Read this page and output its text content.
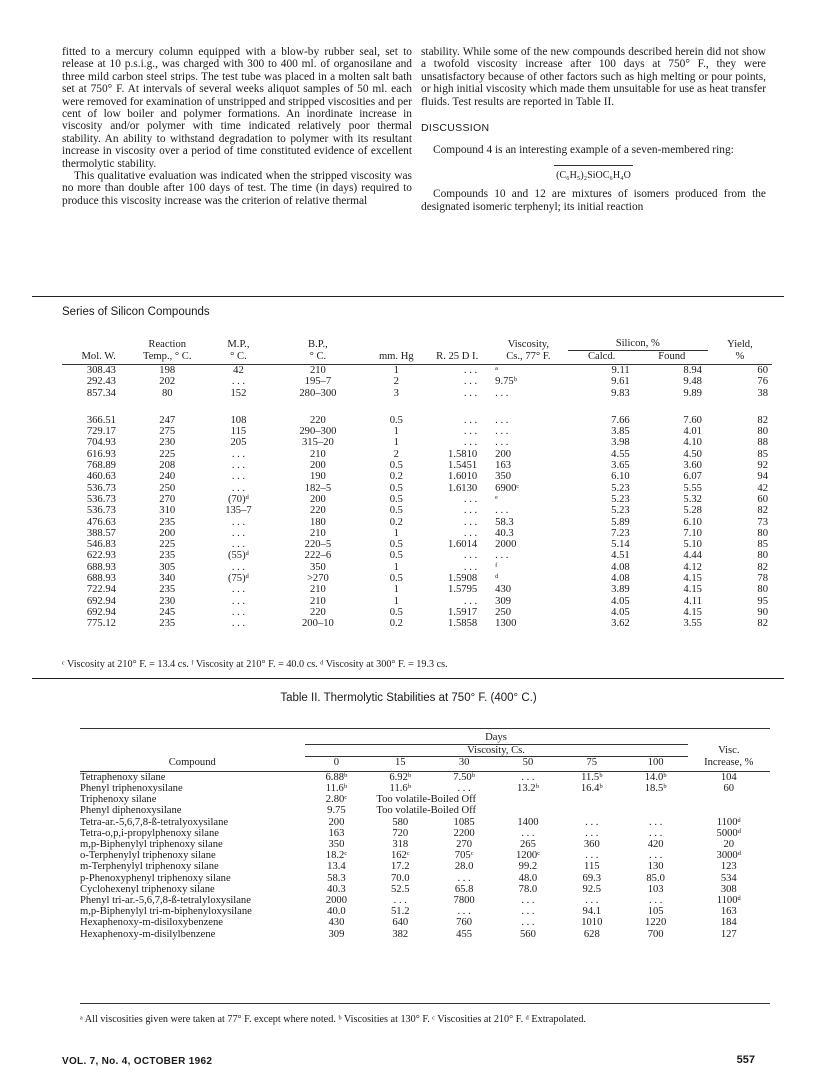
fitted to a mercury column equipped with a blow-by rubber seal, set to release at 10 p.s.i.g., was charged with 300 to 400 ml. of organosilane and three mild carbon steel strips. The test tube was placed in a molten salt bath set at 750° F. At intervals of several weeks aliquot samples of 50 ml. each were removed for examination of unstripped and stripped viscosities and per cent of low boiler and polymer formations. An inordinate increase in viscosity and/or polymer with time indicated relatively poor thermal stability. An ability to withstand degradation to polymer with its resultant increase in viscosity over a period of time constituted evidence of excellent thermolytic stability.

This qualitative evaluation was indicated when the stripped viscosity was no more than double after 100 days of test. The time (in days) required to produce this viscosity increase was the criterion of relative thermal

stability. While some of the new compounds described herein did not show a twofold viscosity increase after 100 days at 750° F., they were unsatisfactory because of other factors such as high melting or pour points, or high initial viscosity which made them unsuitable for use as heat transfer fluids. Test results are reported in Table II.

DISCUSSION

Compound 4 is an interesting example of a seven-membered ring:

(C₆H₅)₂SiOC₆H₄O

Compounds 10 and 12 are mixtures of isomers produced from the designated isomeric terphenyl; its initial reaction

Series of Silicon Compounds
	Reaction	M.P.,	B.P.,			Viscosity,	Silicon, %		Yield,
Mol. W.	Temp., ° C.	° C.	° C.	mm. Hg	R. 25 D I.	Cs., 77° F.	Calcd.	Found	%

308.43	198	42	210	1	. . .	ᵃ	9.11	8.94	60
292.43	202	. . .	195–7	2	. . .	9.75ᵇ	9.61	9.48	76
857.34	80	152	280–300	3	. . .	. . .	9.83	9.89	38

366.51	247	108	220	0.5	. . .	. . .	7.66	7.60	82
729.17	275	115	290–300	1	. . .	. . .	3.85	4.01	80
704.93	230	205	315–20	1	. . .	. . .	3.98	4.10	88
616.93	225	. . .	210	2	1.5810	200	4.55	4.50	85
768.89	208	. . .	200	0.5	1.5451	163	3.65	3.60	92
460.63	240	. . .	190	0.2	1.6010	350	6.10	6.07	94
536.73	250	. . .	182–5	0.5	1.6130	6900ᶜ	5.23	5.55	42
536.73	270	(70)ᵈ	200	0.5	. . .	ᵉ	5.23	5.32	60
536.73	310	135–7	220	0.5	. . .	. . .	5.23	5.28	82
476.63	235	. . .	180	0.2	. . .	58.3	5.89	6.10	73
388.57	200	. . .	210	1	. . .	40.3	7.23	7.10	80
546.83	225	. . .	220–5	0.5	1.6014	2000	5.14	5.10	85
622.93	235	(55)ᵈ	222–6	0.5	. . .	. . .	4.51	4.44	80
688.93	305	. . .	350	1	. . .	ᶠ	4.08	4.12	82
688.93	340	(75)ᵈ	>270	0.5	1.5908	ᵈ	4.08	4.15	78
722.94	235	. . .	210	1	1.5795	430	3.89	4.15	80
692.94	230	. . .	210	1	. . .	309	4.05	4.11	95
692.94	245	. . .	220	0.5	1.5917	250	4.05	4.15	90
775.12	235	. . .	200–10	0.2	1.5858	1300	3.62	3.55	82
ᶜ Viscosity at 210° F. = 13.4 cs. ᶠ Viscosity at 210° F. = 40.0 cs. ᵈ Viscosity at 300° F. = 19.3 cs.
Table II. Thermolytic Stabilities at 750° F. (400° C.)
	Days						
	Viscosity, Cs.						Visc.
Compound	0	15	30	50	75	100	Increase, %

Tetraphenoxy silane	6.88ᵇ	6.92ᵇ	7.50ᵇ	. . .	11.5ᵇ	14.0ᵇ	104
Phenyl triphenoxysilane	11.6ᵇ	11.6ᵇ	. . .	13.2ᵇ	16.4ᵇ	18.5ᵇ	60
Triphenoxy silane	2.80ᶜ	Too volatile-Boiled Off					
Phenyl diphenoxysilane	9.75	Too volatile-Boiled Off					
Tetra-ar.-5,6,7,8-ß-tetralyoxysilane	200	580	1085	1400	. . .	. . .	1100ᵈ
Tetra-o,p,i-propylphenoxy silane	163	720	2200	. . .	. . .	. . .	5000ᵈ
m,p-Biphenylyl triphenoxy silane	350	318	270	265	360	420	20
o-Terphenylyl triphenoxy silane	18.2ᶜ	162ᶜ	705ᶜ	1200ᶜ	. . .	. . .	3000ᵈ
m-Terphenylyl triphenoxy silane	13.4	17.2	28.0	99.2	115	130	123
p-Phenoxyphenyl triphenoxy silane	58.3	70.0	. . .	48.0	69.3	85.0	534
Cyclohexenyl triphenoxy silane	40.3	52.5	65.8	78.0	92.5	103	308
Phenyl tri-ar.-5,6,7,8-ß-tetralyloxysilane	2000	. . .	7800	. . .	. . .	. . .	1100ᵈ
m,p-Biphenylyl tri-m-biphenyloxysilane	40.0	51.2	. . .	. . .	94.1	105	163
Hexaphenoxy-m-disiloxybenzene	430	640	760	. . .	1010	1220	184
Hexaphenoxy-m-disilylbenzene	309	382	455	560	628	700	127
ᵃ All viscosities given were taken at 77° F. except where noted. ᵇ Viscosities at 130° F. ᶜ Viscosities at 210° F. ᵈ Extrapolated.
VOL. 7, No. 4, OCTOBER 1962	557
